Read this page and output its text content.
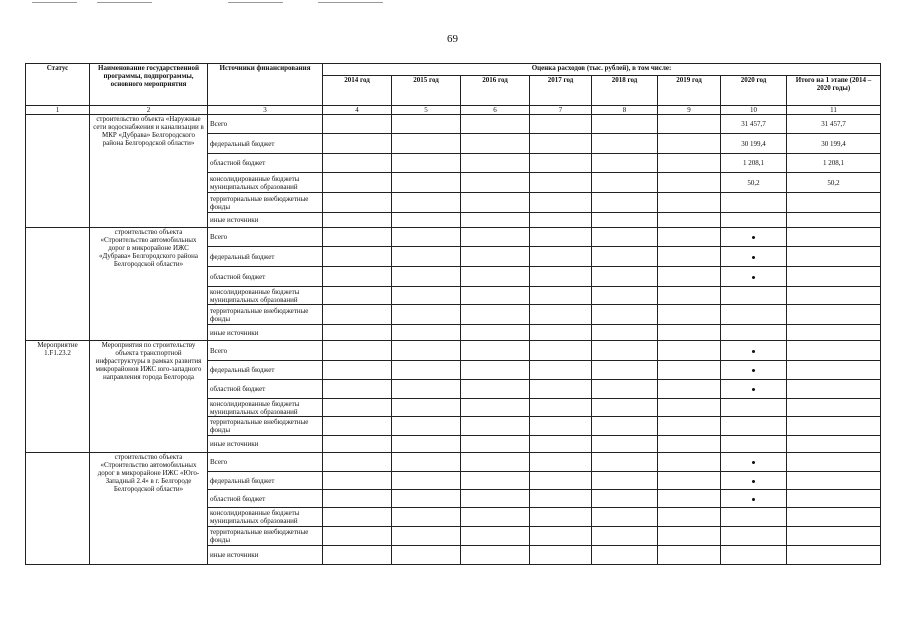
69
Статус	Наименование государственной программы, подпрограммы, основного мероприятия	Источники финансирования	Оценка расходов (тыс. рублей), в том числе:							
			2014 год	2015 год	2016 год	2017 год	2018 год	2019 год	2020 год	Итого на 1 этапе (2014 – 2020 годы)
1	2	3	4	5	6	7	8	9	10	11
	строительство объекта «Наружные сети водоснабжения и канализации в МКР «Дубрава» Белгородского района Белгородской области»	Всего							31 457,7	31 457,7
		федеральный бюджет							30 199,4	30 199,4
		областной бюджет							1 208,1	1 208,1
		консолидированные бюджеты муниципальных образований							50,2	50,2
		территориальные внебюджетные фонды								
		иные источники								
	строительство объекта «Строительство автомобильных дорог в микрорайоне ИЖС «Дубрава» Белгородского района Белгородской области»	Всего								
		федеральный бюджет								
		областной бюджет								
		консолидированные бюджеты муниципальных образований								
		территориальные внебюджетные фонды								
		иные источники								
Мероприятие 1.F1.23.2	Мероприятия по строительству объекта транспортной инфраструктуры в рамках развития микрорайонов ИЖС юго-западного направления города Белгорода	Всего								
		федеральный бюджет								
		областной бюджет								
		консолидированные бюджеты муниципальных образований								
		территориальные внебюджетные фонды								
		иные источники								
	строительство объекта «Строительство автомобильных дорог в микрорайоне ИЖС «Юго-Западный 2.4» в г. Белгороде Белгородской области»	Всего								
		федеральный бюджет								
		областной бюджет								
		консолидированные бюджеты муниципальных образований								
		территориальные внебюджетные фонды								
		иные источники								
